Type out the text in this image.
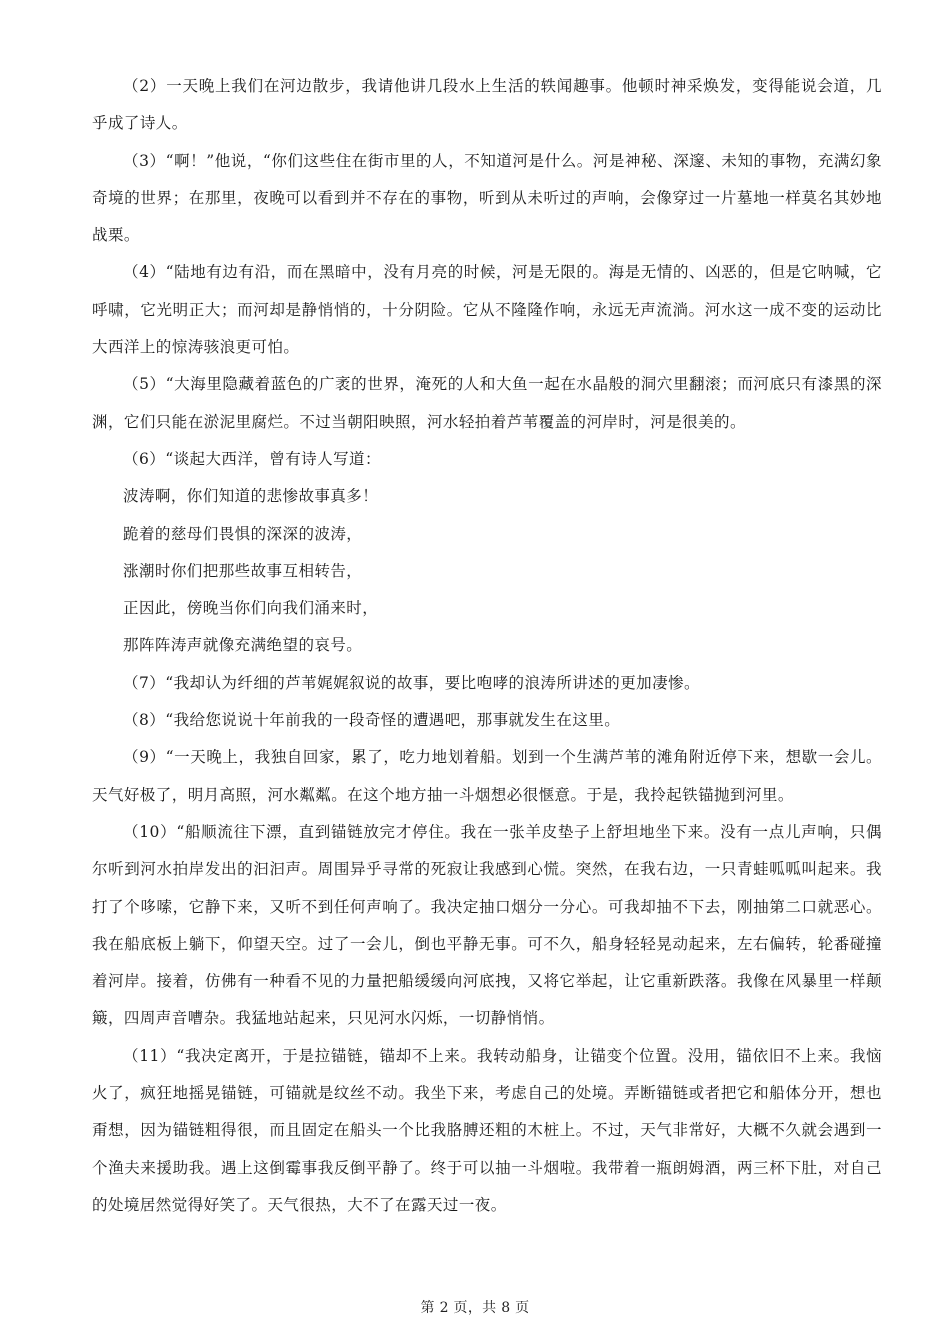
（2）一天晚上我们在河边散步，我请他讲几段水上生活的轶闻趣事。他顿时神采焕发，变得能说会道，几乎成了诗人。

（3）“啊！”他说，“你们这些住在街市里的人，不知道河是什么。河是神秘、深邃、未知的事物，充满幻象奇境的世界；在那里，夜晚可以看到并不存在的事物，听到从未听过的声响，会像穿过一片墓地一样莫名其妙地战栗。

（4）“陆地有边有沿，而在黑暗中，没有月亮的时候，河是无限的。海是无情的、凶恶的，但是它呐喊，它呼啸，它光明正大；而河却是静悄悄的，十分阴险。它从不隆隆作响，永远无声流淌。河水这一成不变的运动比大西洋上的惊涛骇浪更可怕。

（5）“大海里隐藏着蓝色的广袤的世界，淹死的人和大鱼一起在水晶般的洞穴里翻滚；而河底只有漆黑的深渊，它们只能在淤泥里腐烂。不过当朝阳映照，河水轻拍着芦苇覆盖的河岸时，河是很美的。

（6）“谈起大西洋，曾有诗人写道：

波涛啊，你们知道的悲惨故事真多！

跪着的慈母们畏惧的深深的波涛，

涨潮时你们把那些故事互相转告，

正因此，傍晚当你们向我们涌来时，

那阵阵涛声就像充满绝望的哀号。

（7）“我却认为纤细的芦苇娓娓叙说的故事，要比咆哮的浪涛所讲述的更加凄惨。

（8）“我给您说说十年前我的一段奇怪的遭遇吧，那事就发生在这里。

（9）“一天晚上，我独自回家，累了，吃力地划着船。划到一个生满芦苇的滩角附近停下来，想歇一会儿。天气好极了，明月高照，河水粼粼。在这个地方抽一斗烟想必很惬意。于是，我拎起铁锚抛到河里。

（10）“船顺流往下漂，直到锚链放完才停住。我在一张羊皮垫子上舒坦地坐下来。没有一点儿声响，只偶尔听到河水拍岸发出的汩汩声。周围异乎寻常的死寂让我感到心慌。突然，在我右边，一只青蛙呱呱叫起来。我打了个哆嗦，它静下来，又听不到任何声响了。我决定抽口烟分一分心。可我却抽不下去，刚抽第二口就恶心。我在船底板上躺下，仰望天空。过了一会儿，倒也平静无事。可不久，船身轻轻晃动起来，左右偏转，轮番碰撞着河岸。接着，仿佛有一种看不见的力量把船缓缓向河底拽，又将它举起，让它重新跌落。我像在风暴里一样颠簸，四周声音嘈杂。我猛地站起来，只见河水闪烁，一切静悄悄。

（11）“我决定离开，于是拉锚链，锚却不上来。我转动船身，让锚变个位置。没用，锚依旧不上来。我恼火了，疯狂地摇晃锚链，可锚就是纹丝不动。我坐下来，考虑自己的处境。弄断锚链或者把它和船体分开，想也甭想，因为锚链粗得很，而且固定在船头一个比我胳膊还粗的木桩上。不过，天气非常好，大概不久就会遇到一个渔夫来援助我。遇上这倒霉事我反倒平静了。终于可以抽一斗烟啦。我带着一瓶朗姆酒，两三杯下肚，对自己的处境居然觉得好笑了。天气很热，大不了在露天过一夜。

第 2 页，共 8 页
